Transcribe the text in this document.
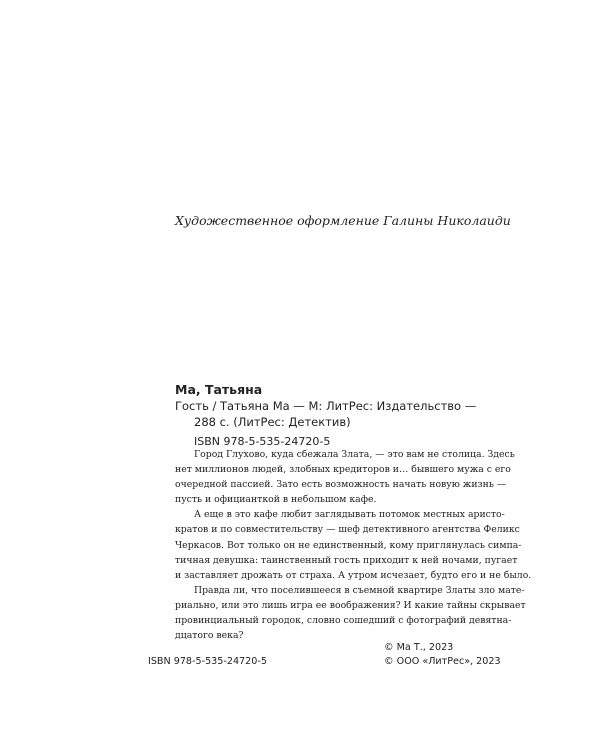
Художественное оформление Галины Николаиди

Ма, Татьяна

Гость / Татьяна Ма — М: ЛитРес: Издательство —

288 с. (ЛитРес: Детектив)

ISBN 978-5-535-24720-5

Город Глухово, куда сбежала Злата, — это вам не столица. Здесь
нет миллионов людей, злобных кредиторов и… бывшего мужа с его
очередной пассией. Зато есть возможность начать новую жизнь —
пусть и официанткой в небольшом кафе.
А еще в это кафе любит заглядывать потомок местных аристо-
кратов и по совместительству — шеф детективного агентства Феликс
Черкасов. Вот только он не единственный, кому приглянулась симпа-
тичная девушка: таинственный гость приходит к ней ночами, пугает
и заставляет дрожать от страха. А утром исчезает, будто его и не было.
Правда ли, что поселившееся в съемной квартире Златы зло мате-
риально, или это лишь игра ее воображения? И какие тайны скрывает
провинциальный городок, словно сошедший с фотографий девятна-
дцатого века?
ISBN 978-5-535-24720-5
© Ма Т., 2023
© ООО «ЛитРес», 2023
